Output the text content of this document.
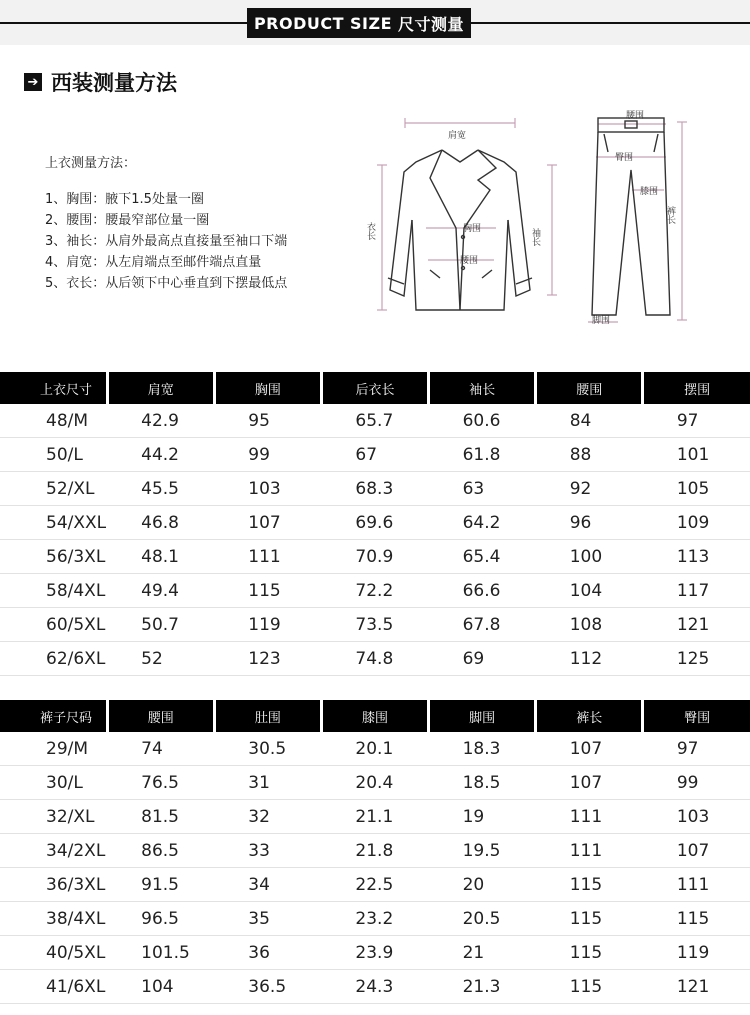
PRODUCT SIZE 尺寸测量
➔ 西装测量方法
上衣测量方法：
1、胸围：腋下1.5处量一圈
2、腰围：腰最窄部位量一圈
3、袖长：从肩外最高点直接量至袖口下端
4、肩宽：从左肩端点至邮件端点直量
5、衣长：从后领下中心垂直到下摆最低点
肩宽
胸围
腰围
衣长	袖长
腰围
臀围
膝围
裤长
脚围
上衣尺寸	肩宽	胸围	后衣长	袖长	腰围	摆围
48/M	42.9	95	65.7	60.6	84	97
50/L	44.2	99	67	61.8	88	101
52/XL	45.5	103	68.3	63	92	105
54/XXL	46.8	107	69.6	64.2	96	109
56/3XL	48.1	111	70.9	65.4	100	113
58/4XL	49.4	115	72.2	66.6	104	117
60/5XL	50.7	119	73.5	67.8	108	121
62/6XL	52	123	74.8	69	112	125
裤子尺码	腰围	肚围	膝围	脚围	裤长	臀围
29/M	74	30.5	20.1	18.3	107	97
30/L	76.5	31	20.4	18.5	107	99
32/XL	81.5	32	21.1	19	111	103
34/2XL	86.5	33	21.8	19.5	111	107
36/3XL	91.5	34	22.5	20	115	111
38/4XL	96.5	35	23.2	20.5	115	115
40/5XL	101.5	36	23.9	21	115	119
41/6XL	104	36.5	24.3	21.3	115	121
